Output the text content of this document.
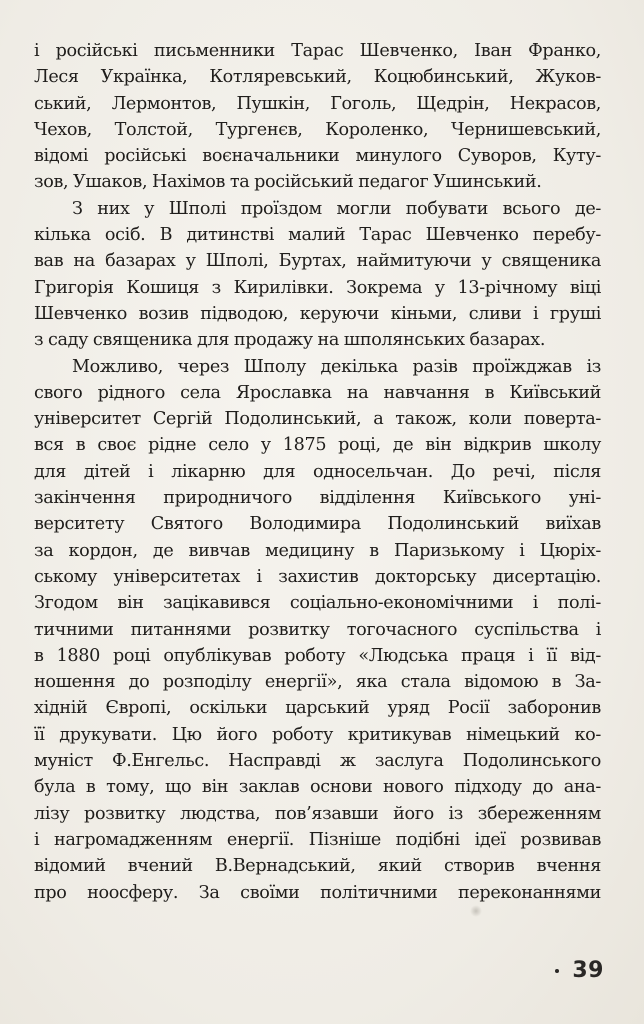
і російські письменники Тарас Шевченко, Іван Франко,
Леся Українка, Котляревський, Коцюбинський, Жуков-
ський, Лермонтов, Пушкін, Гоголь, Щедрін, Некрасов,
Чехов, Толстой, Тургенєв, Короленко, Чернишевський,
відомі російські воєначальники минулого Суворов, Куту-
зов, Ушаков, Нахімов та російський педагог Ушинський.
З них у Шполі проїздом могли побувати всього де-
кілька осіб. В дитинстві малий Тарас Шевченко перебу-
вав на базарах у Шполі, Буртах, наймитуючи у священика
Григорія Кошиця з Кирилівки. Зокрема у 13-річному віці
Шевченко возив підводою, керуючи кіньми, сливи і груші
з саду священика для продажу на шполянських базарах.
Можливо, через Шполу декілька разів проїжджав із
свого рідного села Ярославка на навчання в Київський
університет Сергій Подолинський, а також, коли поверта-
вся в своє рідне село у 1875 році, де він відкрив школу
для дітей і лікарню для односельчан. До речі, після
закінчення природничого відділення Київського уні-
верситету Святого Володимира Подолинський виїхав
за кордон, де вивчав медицину в Паризькому і Цюріх-
ському університетах і захистив докторську дисертацію.
Згодом він зацікавився соціально-економічними і полі-
тичними питаннями розвитку тогочасного суспільства і
в 1880 році опублікував роботу «Людська праця і її від-
ношення до розподілу енергії», яка стала відомою в За-
хідній Європі, оскільки царський уряд Росії заборонив
її друкувати. Цю його роботу критикував німецький ко-
муніст Ф.Енгельс. Насправді ж заслуга Подолинського
була в тому, що він заклав основи нового підходу до ана-
лізу розвитку людства, пов’язавши його із збереженням
і нагромадженням енергії. Пізніше подібні ідеї розвивав
відомий вчений В.Вернадський, який створив вчення
про ноосферу. За своїми політичними переконаннями
39
